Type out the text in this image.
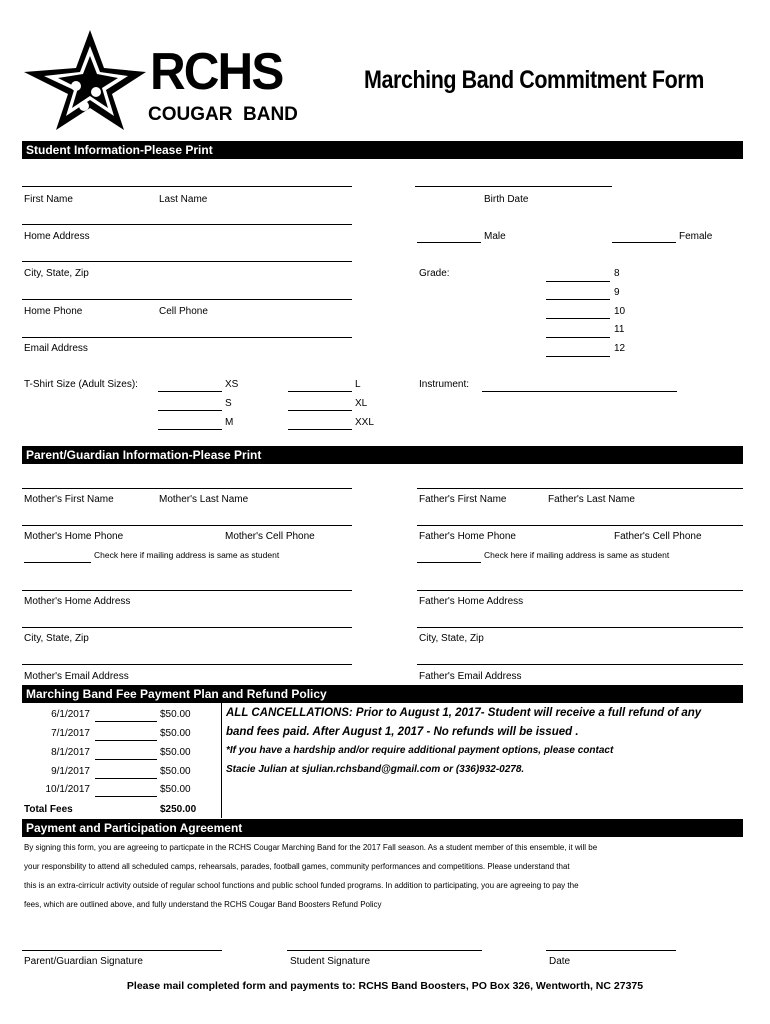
RCHS
COUGAR  BAND
Marching Band Commitment Form
Student Information-Please Print
First Name	Last Name	Birth Date
Home Address	Male	Female
City, State, Zip	Grade:	8
9
10
11
12
Home Phone	Cell Phone
Email Address
T-Shirt Size (Adult Sizes):	XS
S
M
L
XL
XXL
Instrument:
Parent/Guardian Information-Please Print
Mother's First Name	Mother's Last Name	Father's First Name	Father's Last Name
Mother's Home Phone	Mother's Cell Phone	Father's Home Phone	Father's Cell Phone
Check here if mailing address is same as student	Check here if mailing address is same as student
Mother's Home Address	Father's Home Address
City, State, Zip	City, State, Zip
Mother's Email Address	Father's Email Address
Marching Band Fee Payment Plan and Refund Policy
6/1/2017	$50.00
7/1/2017	$50.00
8/1/2017	$50.00
9/1/2017	$50.00
10/1/2017	$50.00
Total Fees	$250.00
ALL CANCELLATIONS: Prior to August 1, 2017- Student will receive a full refund of any
band fees paid. After August 1, 2017 - No refunds will be issued .
*If you have a hardship and/or require additional payment options, please contact
Stacie Julian at sjulian.rchsband@gmail.com or (336)932-0278.
Payment and Participation Agreement
By signing this form, you are agreeing to particpate in the RCHS Cougar Marching Band for the 2017 Fall season. As a student member of this ensemble, it will be
your responsbility to attend all scheduled camps, rehearsals, parades, football games, community performances and competitions. Please understand that
this is an extra-cirriculr activity outside of regular school functions and public school funded programs. In addition to participating, you are agreeing to pay the
fees, which are outlined above, and fully understand the RCHS Cougar Band Boosters Refund Policy
Parent/Guardian Signature	Student Signature	Date
Please mail completed form and payments to: RCHS Band Boosters, PO Box 326, Wentworth, NC 27375
